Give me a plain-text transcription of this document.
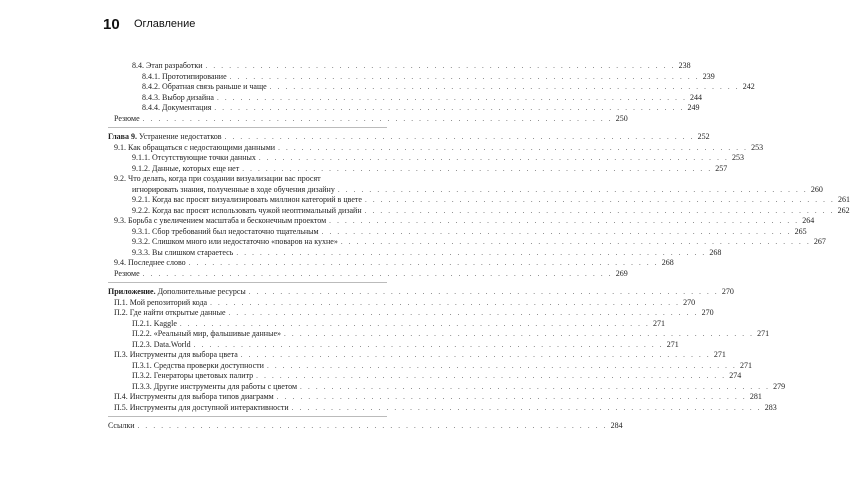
10 Оглавление
8.4. Этап разработки . . . . . . . . . . . . . . . . . . . . . . . . . . . . . . . . . . . . . . . . . . . . . . . . . . . . . . . . . . . . 238
8.4.1. Прототипирование . . . . . . . . . . . . . . . . . . . . . . . . . . . . . . . . . . . . . . . . . . . . . . . . . . . . . . . . . . . . 239
8.4.2. Обратная связь раньше и чаще . . . . . . . . . . . . . . . . . . . . . . . . . . . . . . . . . . . . . . . . . . . . . . . . . . . . . . . . . . . . 242
8.4.3. Выбор дизайна . . . . . . . . . . . . . . . . . . . . . . . . . . . . . . . . . . . . . . . . . . . . . . . . . . . . . . . . . . . . 244
8.4.4. Документация . . . . . . . . . . . . . . . . . . . . . . . . . . . . . . . . . . . . . . . . . . . . . . . . . . . . . . . . . . . . 249
Резюме . . . . . . . . . . . . . . . . . . . . . . . . . . . . . . . . . . . . . . . . . . . . . . . . . . . . . . . . . . . . 250
Глава 9. Устранение недостатков . . . . . . . . . . . . . . . . . . . . . . . . . . . . . . . . . . . . . . . . . . . . . . . . . . . . . . . . . . . . 252
9.1. Как обращаться с недостающими данными . . . . . . . . . . . . . . . . . . . . . . . . . . . . . . . . . . . . . . . . . . . . . . . . . . . . . . . . . . . . 253
9.1.1. Отсутствующие точки данных . . . . . . . . . . . . . . . . . . . . . . . . . . . . . . . . . . . . . . . . . . . . . . . . . . . . . . . . . . . . 253
9.1.2. Данные, которых еще нет . . . . . . . . . . . . . . . . . . . . . . . . . . . . . . . . . . . . . . . . . . . . . . . . . . . . . . . . . . . . 257
9.2. Что делать, когда при создании визуализации вас просят
игнорировать знания, полученные в ходе обучения дизайну . . . . . . . . . . . . . . . . . . . . . . . . . . . . . . . . . . . . . . . . . . . . . . . . . . . . . . . . . . . . 260
9.2.1. Когда вас просят визуализировать миллион категорий в цвете . . . . . . . . . . . . . . . . . . . . . . . . . . . . . . . . . . . . . . . . . . . . . . . . . . . . . . . . . . . . 261
9.2.2. Когда вас просят использовать чужой неоптимальный дизайн . . . . . . . . . . . . . . . . . . . . . . . . . . . . . . . . . . . . . . . . . . . . . . . . . . . . . . . . . . . . 262
9.3. Борьба с увеличением масштаба и бесконечным проектом . . . . . . . . . . . . . . . . . . . . . . . . . . . . . . . . . . . . . . . . . . . . . . . . . . . . . . . . . . . . 264
9.3.1. Сбор требований был недостаточно тщательным . . . . . . . . . . . . . . . . . . . . . . . . . . . . . . . . . . . . . . . . . . . . . . . . . . . . . . . . . . . . 265
9.3.2. Слишком много или недостаточно «поваров на кухне» . . . . . . . . . . . . . . . . . . . . . . . . . . . . . . . . . . . . . . . . . . . . . . . . . . . . . . . . . . . . 267
9.3.3. Вы слишком стараетесь . . . . . . . . . . . . . . . . . . . . . . . . . . . . . . . . . . . . . . . . . . . . . . . . . . . . . . . . . . . . 268
9.4. Последнее слово . . . . . . . . . . . . . . . . . . . . . . . . . . . . . . . . . . . . . . . . . . . . . . . . . . . . . . . . . . . . 268
Резюме . . . . . . . . . . . . . . . . . . . . . . . . . . . . . . . . . . . . . . . . . . . . . . . . . . . . . . . . . . . . 269
Приложение. Дополнительные ресурсы . . . . . . . . . . . . . . . . . . . . . . . . . . . . . . . . . . . . . . . . . . . . . . . . . . . . . . . . . . . . 270
П.1. Мой репозиторий кода . . . . . . . . . . . . . . . . . . . . . . . . . . . . . . . . . . . . . . . . . . . . . . . . . . . . . . . . . . . . 270
П.2. Где найти открытые данные . . . . . . . . . . . . . . . . . . . . . . . . . . . . . . . . . . . . . . . . . . . . . . . . . . . . . . . . . . . . 270
П.2.1. Kaggle . . . . . . . . . . . . . . . . . . . . . . . . . . . . . . . . . . . . . . . . . . . . . . . . . . . . . . . . . . . . 271
П.2.2. «Реальный мир, фальшивые данные» . . . . . . . . . . . . . . . . . . . . . . . . . . . . . . . . . . . . . . . . . . . . . . . . . . . . . . . . . . . . 271
П.2.3. Data.World . . . . . . . . . . . . . . . . . . . . . . . . . . . . . . . . . . . . . . . . . . . . . . . . . . . . . . . . . . . . 271
П.3. Инструменты для выбора цвета . . . . . . . . . . . . . . . . . . . . . . . . . . . . . . . . . . . . . . . . . . . . . . . . . . . . . . . . . . . . 271
П.3.1. Средства проверки доступности . . . . . . . . . . . . . . . . . . . . . . . . . . . . . . . . . . . . . . . . . . . . . . . . . . . . . . . . . . . . 271
П.3.2. Генераторы цветовых палитр . . . . . . . . . . . . . . . . . . . . . . . . . . . . . . . . . . . . . . . . . . . . . . . . . . . . . . . . . . . . 274
П.3.3. Другие инструменты для работы с цветом . . . . . . . . . . . . . . . . . . . . . . . . . . . . . . . . . . . . . . . . . . . . . . . . . . . . . . . . . . . . 279
П.4. Инструменты для выбора типов диаграмм . . . . . . . . . . . . . . . . . . . . . . . . . . . . . . . . . . . . . . . . . . . . . . . . . . . . . . . . . . . . 281
П.5. Инструменты для доступной интерактивности . . . . . . . . . . . . . . . . . . . . . . . . . . . . . . . . . . . . . . . . . . . . . . . . . . . . . . . . . . . . 283
Ссылки . . . . . . . . . . . . . . . . . . . . . . . . . . . . . . . . . . . . . . . . . . . . . . . . . . . . . . . . . . . . 284
